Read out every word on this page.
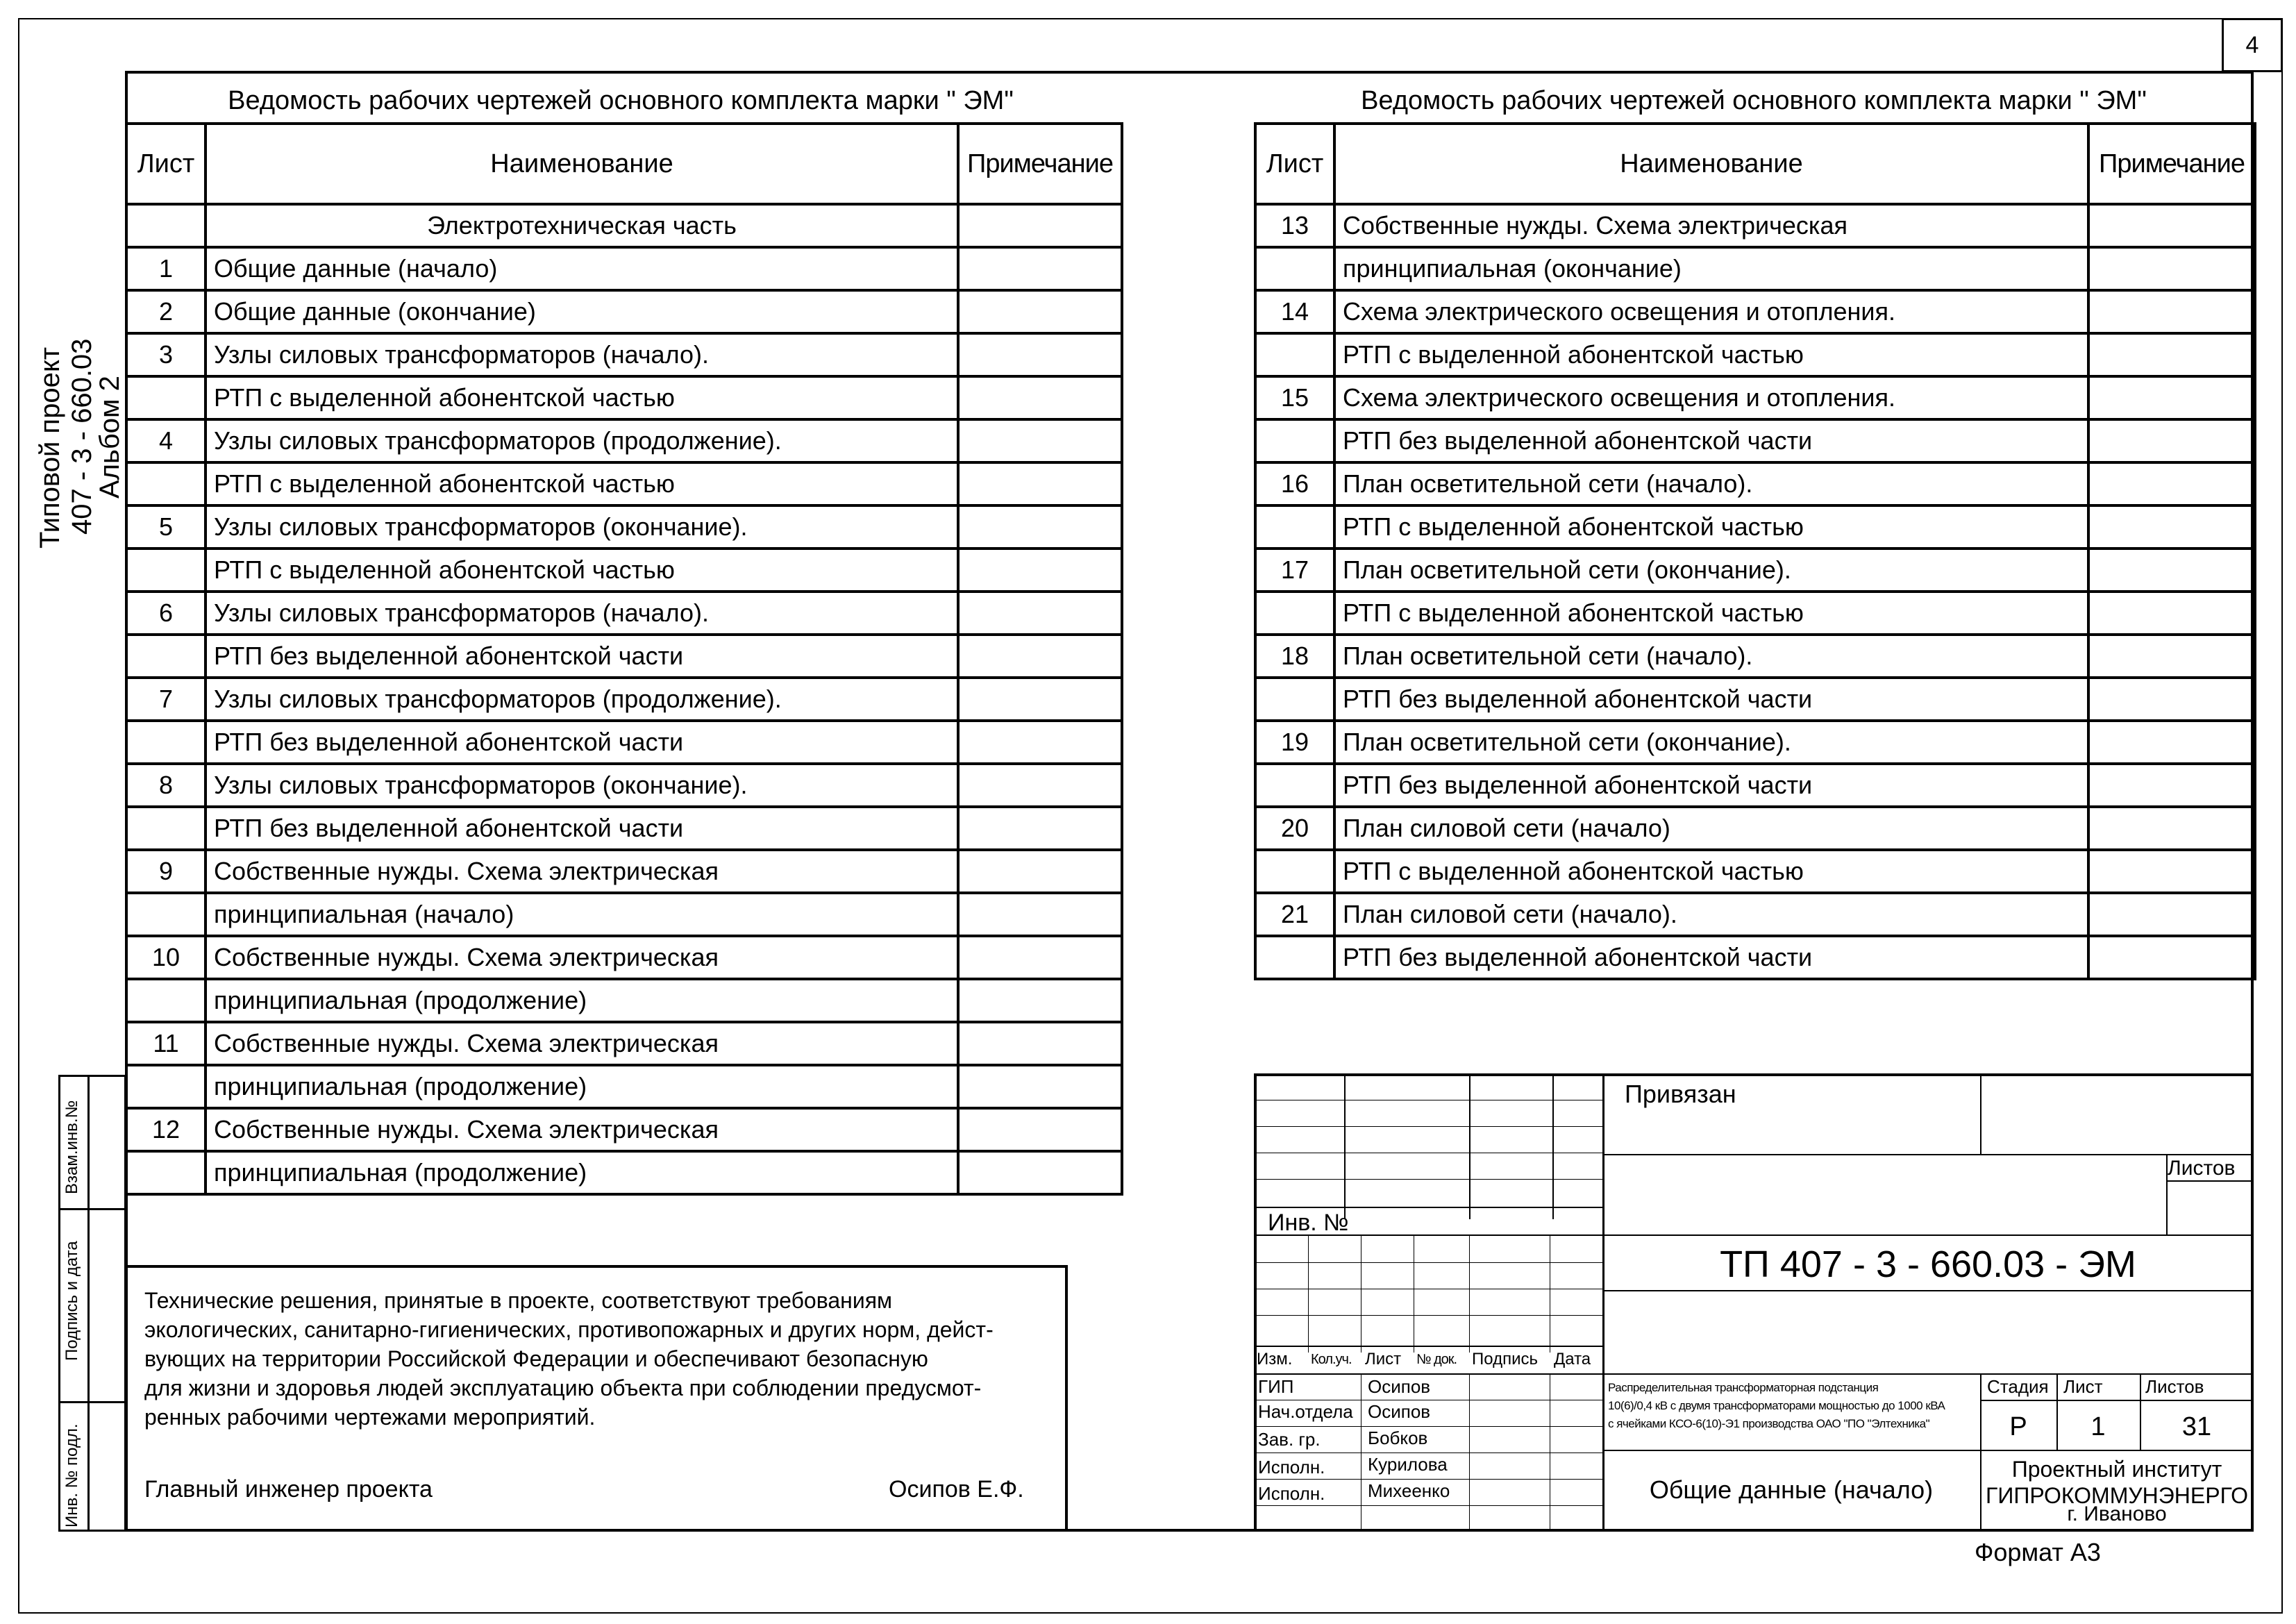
4
Типовой проект 407 - 3 - 660.03
Альбом 2
Взам.инв.№
Подпись и дата
Инв. № подл.
Ведомость рабочих чертежей основного комплекта марки " ЭМ"	Ведомость рабочих чертежей основного комплекта марки " ЭМ"
Лист	Наименование	Примечание
	Электротехническая часть	
1	Общие данные (начало)	
2	Общие данные (окончание)	
3	Узлы силовых трансформаторов (начало).	
	РТП с выделенной абонентской частью	
4	Узлы силовых трансформаторов (продолжение).	
	РТП с выделенной абонентской частью	
5	Узлы силовых трансформаторов (окончание).	
	РТП с выделенной абонентской частью	
6	Узлы силовых трансформаторов (начало).	
	РТП без выделенной абонентской части	
7	Узлы силовых трансформаторов (продолжение).	
	РТП без выделенной абонентской части	
8	Узлы силовых трансформаторов (окончание).	
	РТП без выделенной абонентской части	
9	Собственные нужды. Схема электрическая	
	принципиальная (начало)	
10	Собственные нужды. Схема электрическая	
	принципиальная (продолжение)	
11	Собственные нужды. Схема электрическая	
	принципиальная (продолжение)	
12	Собственные нужды. Схема электрическая	
	принципиальная (продолжение)	
Лист	Наименование	Примечание
13	Собственные нужды. Схема электрическая	
	принципиальная (окончание)	
14	Схема электрического освещения и отопления.	
	РТП с выделенной абонентской частью	
15	Схема электрического освещения и отопления.	
	РТП без выделенной абонентской части	
16	План осветительной сети (начало).	
	РТП с выделенной абонентской частью	
17	План осветительной сети (окончание).	
	РТП с выделенной абонентской частью	
18	План осветительной сети (начало).	
	РТП без выделенной абонентской части	
19	План осветительной сети (окончание).	
	РТП без выделенной абонентской части	
20	План силовой сети (начало)	
	РТП с выделенной абонентской частью	
21	План силовой сети (начало).	
	РТП без выделенной абонентской части	
Технические решения, принятые в проекте, соответствуют требованиям
экологических, санитарно-гигиенических, противопожарных и других норм, дейст-
вующих на территории Российской Федерации и обеспечивают безопасную
для жизни и здоровья людей эксплуатацию объекта при соблюдении предусмот-
ренных рабочими чертежами мероприятий.
Главный инженер проекта	Осипов Е.Ф.
Инв. №
Изм. Кол.уч. Лист № док. Подпись Дата
ГИП	Осипов
Нач.отдела Осипов
Зав. гр.	Бобков
Исполн. Курилова
Исполн. Михеенко
Привязан
Листов
ТП 407 - 3 - 660.03 - ЭМ
Распределительная трансформаторная подстанция
10(6)/0,4 кВ с двумя трансформаторами мощностью до 1000 кВА
с ячейками КСО-6(10)-Э1 производства ОАО "ПО "Элтехника"
Стадия Лист Листов
Р	1	31
Общие данные (начало)
Проектный институт
ГИПРОКОММУНЭНЕРГО
г. Иваново
Формат А3
